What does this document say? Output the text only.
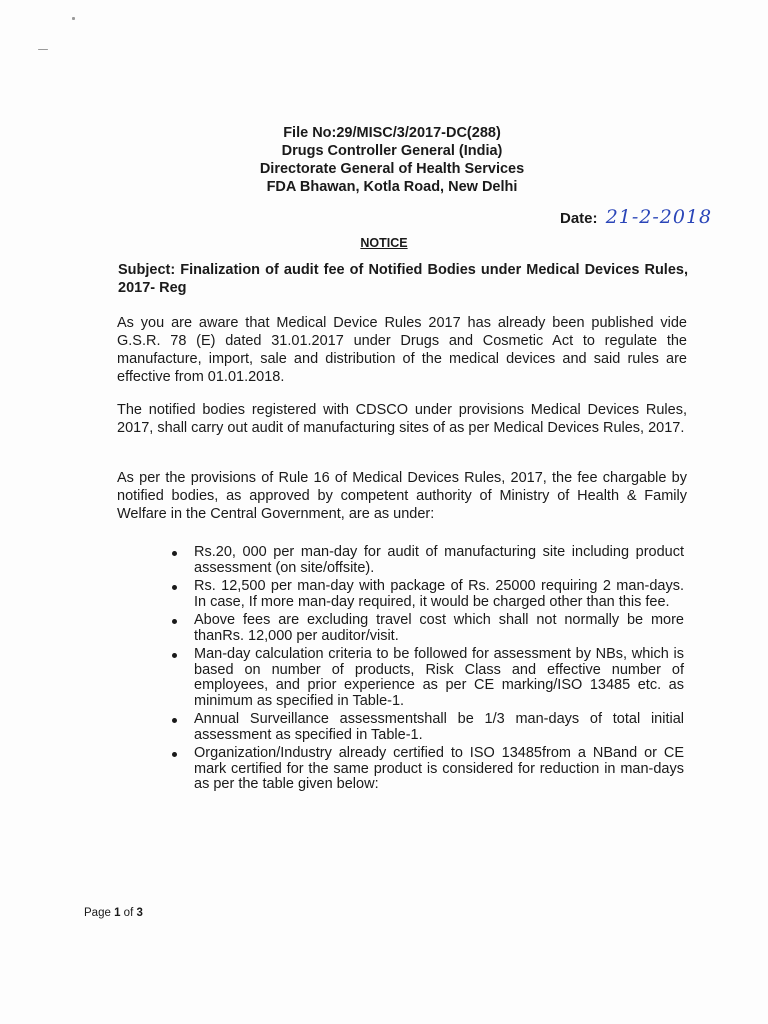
File No:29/MISC/3/2017-DC(288)
Drugs Controller General (India)
Directorate General of Health Services
FDA Bhawan, Kotla Road, New Delhi
Date: 21-2-2018
NOTICE
Subject: Finalization of audit fee of Notified Bodies under Medical Devices Rules, 2017- Reg
As you are aware that Medical Device Rules 2017 has already been published vide G.S.R. 78 (E) dated 31.01.2017 under Drugs and Cosmetic Act to regulate the manufacture, import, sale and distribution of the medical devices and said rules are effective from 01.01.2018.
The notified bodies registered with CDSCO under provisions Medical Devices Rules, 2017, shall carry out audit of manufacturing sites of as per Medical Devices Rules, 2017.
As per the provisions of Rule 16 of Medical Devices Rules, 2017, the fee chargable by notified bodies, as approved by competent authority of Ministry of Health & Family Welfare in the Central Government, are as under:
Rs.20, 000 per man-day for audit of manufacturing site including product assessment (on site/offsite).
Rs. 12,500 per man-day with package of Rs. 25000 requiring 2 man-days. In case, If more man-day required, it would be charged other than this fee.
Above fees are excluding travel cost which shall not normally be more thanRs. 12,000 per auditor/visit.
Man-day calculation criteria to be followed for assessment by NBs, which is based on number of products, Risk Class and effective number of employees, and prior experience as per CE marking/ISO 13485 etc. as minimum as specified in Table-1.
Annual Surveillance assessmentshall be 1/3 man-days of total initial assessment as specified in Table-1.
Organization/Industry already certified to ISO 13485from a NBand or CE mark certified for the same product is considered for reduction in man-days as per the table given below:
Page 1 of 3
